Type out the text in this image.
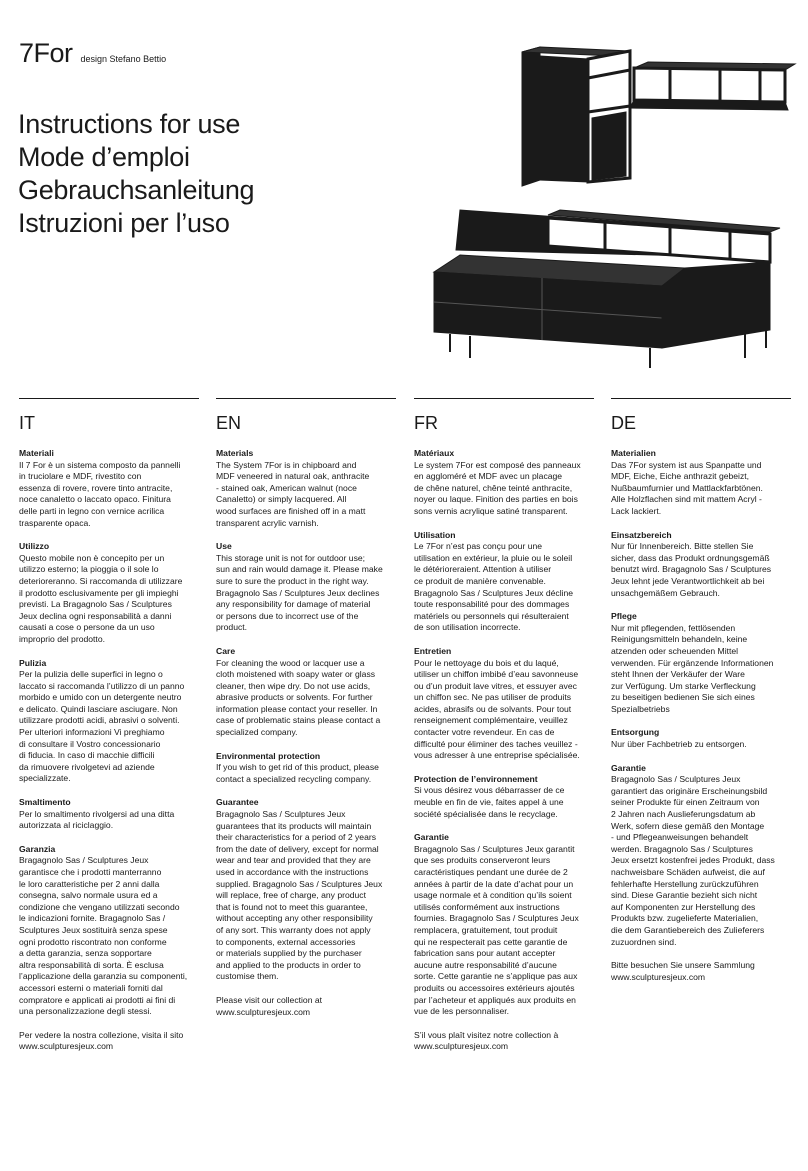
7For design Stefano Bettio
Instructions for use
Mode d’emploi
Gebrauchsanleitung
Istruzioni per l’uso
IT
Materiali
Il 7 For è un sistema composto da pannelli
in truciolare e MDF, rivestito con
essenza di rovere, rovere tinto antracite,
noce canaletto o laccato opaco. Finitura
delle parti in legno con vernice acrilica
trasparente opaca.
Utilizzo
Questo mobile non è concepito per un
utilizzo esterno; la pioggia o il sole lo
deterioreranno. Si raccomanda di utilizzare
il prodotto esclusivamente per gli impieghi
previsti. La Bragagnolo Sas / Sculptures
Jeux declina ogni responsabilità a danni
causati a cose o persone da un uso
improprio del prodotto.
Pulizia
Per la pulizia delle superfici in legno o
laccato si raccomanda l’utilizzo di un panno
morbido e umido con un detergente neutro
e delicato. Quindi lasciare asciugare. Non
utilizzare prodotti acidi, abrasivi o solventi.
Per ulteriori informazioni Vi preghiamo
di consultare il Vostro concessionario
di fiducia. In caso di macchie difficili
da rimuovere rivolgetevi ad aziende
specializzate.
Smaltimento
Per lo smaltimento rivolgersi ad una ditta
autorizzata al riciclaggio.
Garanzia
Bragagnolo Sas / Sculptures Jeux
garantisce che i prodotti manterranno
le loro caratteristiche per 2 anni dalla
consegna, salvo normale usura ed a
condizione che vengano utilizzati secondo
le indicazioni fornite. Bragagnolo Sas /
Sculptures Jeux sostituirà senza spese
ogni prodotto riscontrato non conforme
a detta garanzia, senza sopportare
altra responsabilità di sorta. È esclusa
l’applicazione della garanzia su componenti,
accessori esterni o materiali forniti dal
compratore e applicati ai prodotti ai fini di
una personalizzazione degli stessi.
Per vedere la nostra collezione, visita il sito
www.sculpturesjeux.com
EN
Materials
The System 7For is in chipboard and
MDF veneered in natural oak, anthracite
- stained oak, American walnut (noce
Canaletto) or simply lacquered. All
wood surfaces are finished off in a matt
transparent acrylic varnish.
Use
This storage unit is not for outdoor use;
sun and rain would damage it. Please make
sure to sure the product in the right way.
Bragagnolo Sas / Sculptures Jeux declines
any responsibility for damage of material
or persons due to incorrect use of the
product.
Care
For cleaning the wood or lacquer use a
cloth moistened with soapy water or glass
cleaner, then wipe dry. Do not use acids,
abrasive products or solvents. For further
information please contact your reseller. In
case of problematic stains please contact a
specialized company.
Environmental protection
If you wish to get rid of this product, please
contact a specialized recycling company.
Guarantee
Bragagnolo Sas / Sculptures Jeux
guarantees that its products will maintain
their characteristics for a period of 2 years
from the date of delivery, except for normal
wear and tear and provided that they are
used in accordance with the instructions
supplied. Bragagnolo Sas / Sculptures Jeux
will replace, free of charge, any product
that is found not to meet this guarantee,
without accepting any other responsibility
of any sort. This warranty does not apply
to components, external accessories
or materials supplied by the purchaser
and applied to the products in order to
customise them.
Please visit our collection at
www.sculpturesjeux.com
FR
Matériaux
Le system 7For est composé des panneaux
en aggloméré et MDF avec un placage
de chêne naturel, chêne teinté anthracite,
noyer ou laque. Finition des parties en bois
sons vernis acrylique satiné transparent.
Utilisation
Le 7For n’est pas conçu pour une
utilisation en extérieur, la pluie ou le soleil
le détérioreraient. Attention à utiliser
ce produit de manière convenable.
Bragagnolo Sas / Sculptures Jeux décline
toute responsabilité pour des dommages
matériels ou personnels qui résulteraient
de son utilisation incorrecte.
Entretien
Pour le nettoyage du bois et du laqué,
utiliser un chiffon imbibé d’eau savonneuse
ou d’un produit lave vitres, et essuyer avec
un chiffon sec. Ne pas utiliser de produits
acides, abrasifs ou de solvants. Pour tout
renseignement complémentaire, veuillez
contacter votre revendeur. En cas de
difficulté pour éliminer des taches veuillez -
vous adresser à une entreprise spécialisée.
Protection de l’environnement
Si vous désirez vous débarrasser de ce
meuble en fin de vie, faites appel à une
société spécialisée dans le recyclage.
Garantie
Bragagnolo Sas / Sculptures Jeux garantit
que ses produits conserveront leurs
caractéristiques pendant une durée de 2
années à partir de la date d’achat pour un
usage normale et à condition qu’ils soient
utilisés conformément aux instructions
fournies. Bragagnolo Sas / Sculptures Jeux
remplacera, gratuitement, tout produit
qui ne respecterait pas cette garantie de
fabrication sans pour autant accepter
aucune autre responsabilité d’aucune
sorte. Cette garantie ne s’applique pas aux
produits ou accessoires extérieurs ajoutés
par l’acheteur et appliqués aux produits en
vue de les personnaliser.
S’il vous plaît visitez notre collection à
www.sculpturesjeux.com
DE
Materialien
Das 7For system ist aus Spanpatte und
MDF, Eiche, Eiche anthrazit gebeizt,
Nußbaumfurnier und Mattlackfarbtönen.
Alle Holzflachen sind mit mattem Acryl -
Lack lackiert.
Einsatzbereich
Nur für Innenbereich. Bitte stellen Sie
sicher, dass das Produkt ordnungsgemäß
benutzt wird. Bragagnolo Sas / Sculptures
Jeux lehnt jede Verantwortlichkeit ab bei
unsachgemäßem Gebrauch.
Pflege
Nur mit pflegenden, fettlösenden
Reinigungsmitteln behandeln, keine
atzenden oder scheuenden Mittel
verwenden. Für ergänzende Informationen
steht Ihnen der Verkäufer der Ware
zur Verfügung. Um starke Verfleckung
zu beseitigen bedienen Sie sich eines
Spezialbetriebs
Entsorgung
Nur über Fachbetrieb zu entsorgen.
Garantie
Bragagnolo Sas / Sculptures Jeux
garantiert das originäre Erscheinungsbild
seiner Produkte für einen Zeitraum von
2 Jahren nach Auslieferungsdatum ab
Werk, sofern diese gemäß den Montage
- und Pflegeanweisungen behandelt
werden. Bragagnolo Sas / Sculptures
Jeux ersetzt kostenfrei jedes Produkt, dass
nachweisbare Schäden aufweist, die auf
fehlerhafte Herstellung zurückzuführen
sind. Diese Garantie bezieht sich nicht
auf Komponenten zur Herstellung des
Produkts bzw. zugelieferte Materialien,
die dem Garantiebereich des Zulieferers
zuzuordnen sind.
Bitte besuchen Sie unsere Sammlung
www.sculpturesjeux.com
